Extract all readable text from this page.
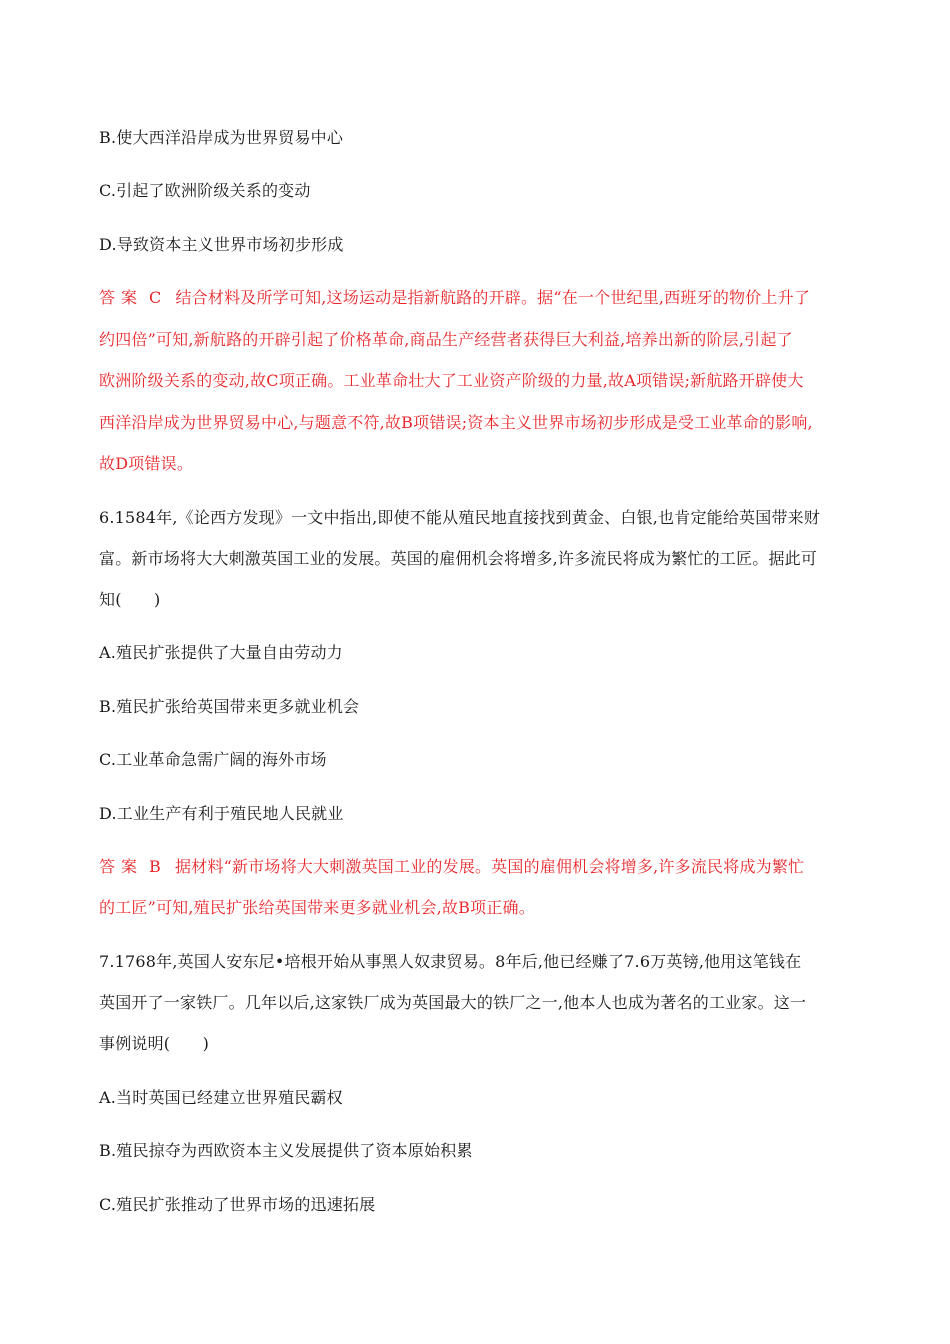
B.使大西洋沿岸成为世界贸易中心
C.引起了欧洲阶级关系的变动
D.导致资本主义世界市场初步形成
答案 C 结合材料及所学可知,这场运动是指新航路的开辟。据“在一个世纪里,西班牙的物价上升了
约四倍”可知,新航路的开辟引起了价格革命,商品生产经营者获得巨大利益,培养出新的阶层,引起了
欧洲阶级关系的变动,故C项正确。工业革命壮大了工业资产阶级的力量,故A项错误;新航路开辟使大
西洋沿岸成为世界贸易中心,与题意不符,故B项错误;资本主义世界市场初步形成是受工业革命的影响,
故D项错误。
6.1584年,《论西方发现》一文中指出,即使不能从殖民地直接找到黄金、白银,也肯定能给英国带来财
富。新市场将大大刺激英国工业的发展。英国的雇佣机会将增多,许多流民将成为繁忙的工匠。据此可
知(　　)
A.殖民扩张提供了大量自由劳动力
B.殖民扩张给英国带来更多就业机会
C.工业革命急需广阔的海外市场
D.工业生产有利于殖民地人民就业
答案 B 据材料“新市场将大大刺激英国工业的发展。英国的雇佣机会将增多,许多流民将成为繁忙
的工匠”可知,殖民扩张给英国带来更多就业机会,故B项正确。
7.1768年,英国人安东尼•培根开始从事黑人奴隶贸易。8年后,他已经赚了7.6万英镑,他用这笔钱在
英国开了一家铁厂。几年以后,这家铁厂成为英国最大的铁厂之一,他本人也成为著名的工业家。这一
事例说明(　　)
A.当时英国已经建立世界殖民霸权
B.殖民掠夺为西欧资本主义发展提供了资本原始积累
C.殖民扩张推动了世界市场的迅速拓展
